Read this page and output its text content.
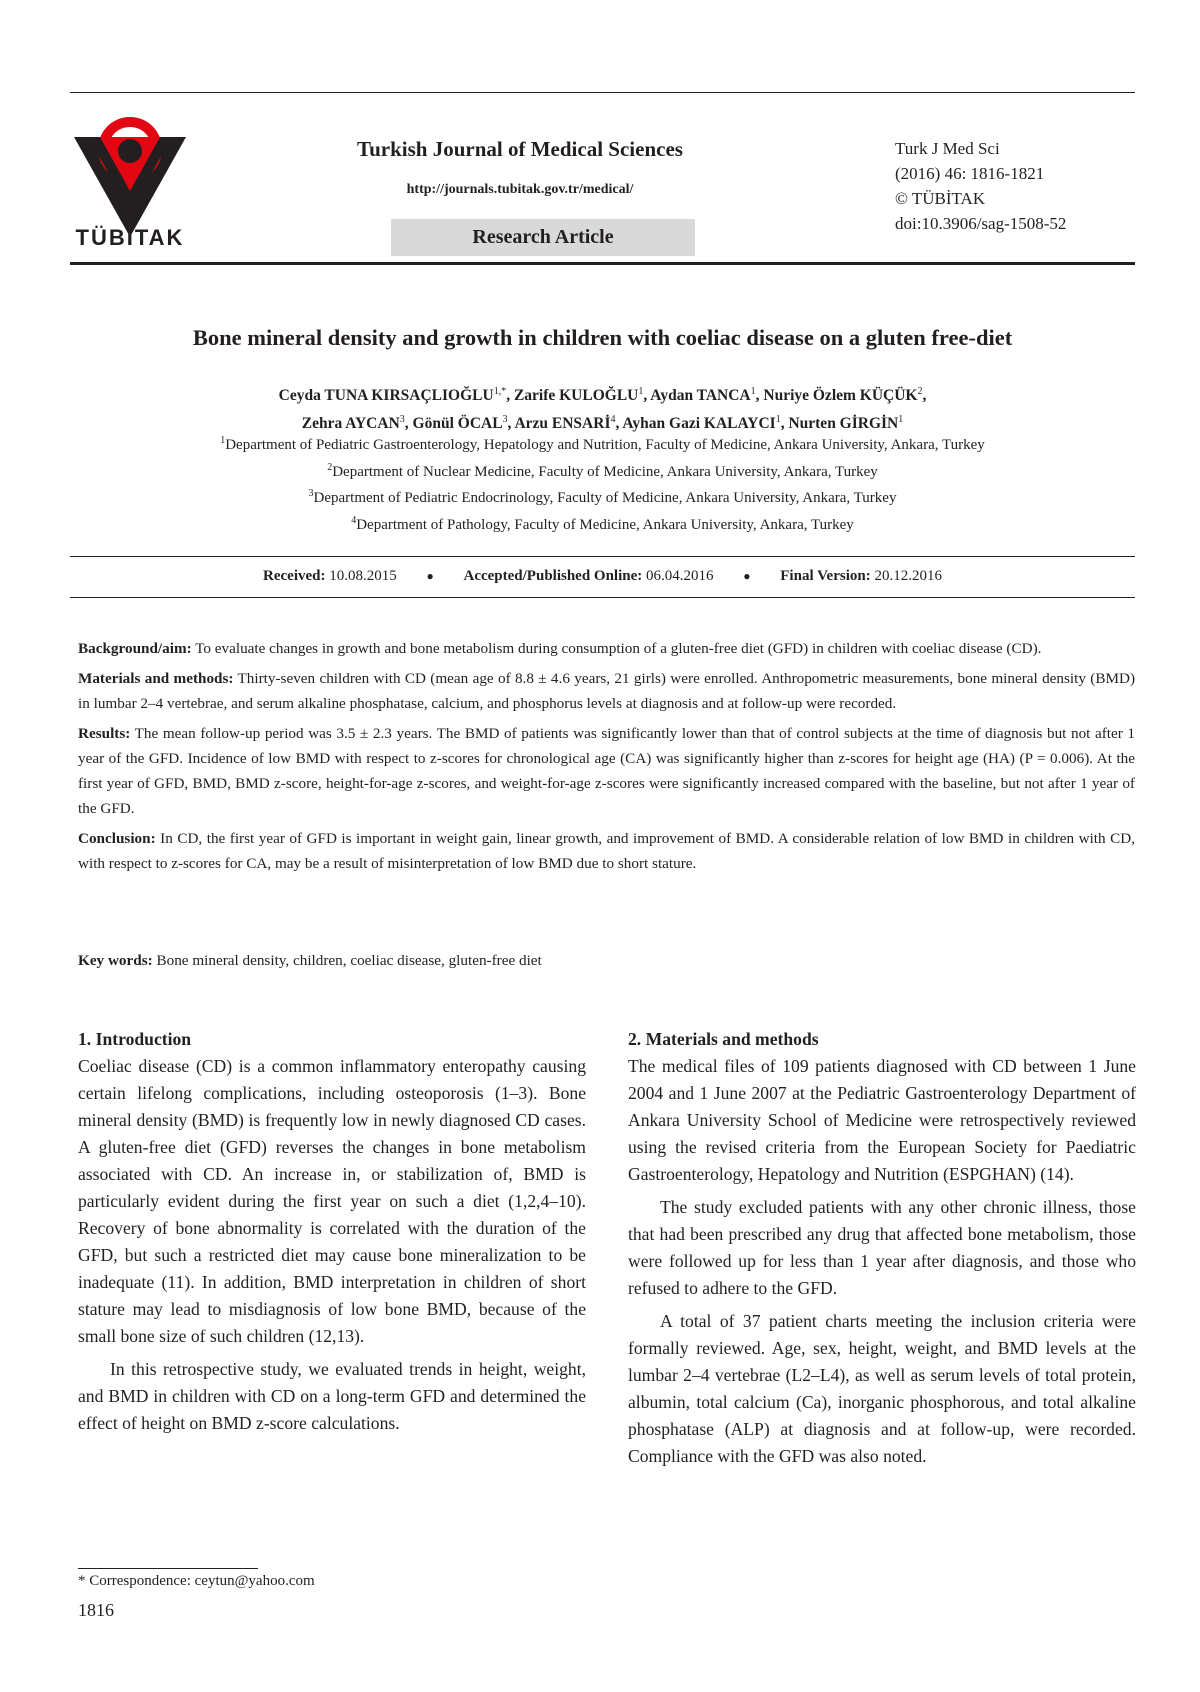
TÜBİTAK
Turkish Journal of Medical Sciences
http://journals.tubitak.gov.tr/medical/
Research Article
Turk J Med Sci
(2016) 46: 1816-1821
© TÜBİTAK
doi:10.3906/sag-1508-52
Bone mineral density and growth in children with coeliac disease on a gluten free-diet
Ceyda TUNA $KIRSAÇLIOĞLU^{1,*}$, Zarife KULOĞLU$^1$, Aydan TANCA$^1$, Nuriye Özlem KÜÇÜK$^2$,
Zehra AYCAN$^3$, Gönül ÖCAL$^3$, Arzu ENSARİ$^4$, Ayhan Gazi KALAYCI$^1$, Nurten GİRGİN$^1$
$^1$Department of Pediatric Gastroenterology, Hepatology and Nutrition, Faculty of Medicine, Ankara University, Ankara, Turkey
$^2$Department of Nuclear Medicine, Faculty of Medicine, Ankara University, Ankara, Turkey
$^3$Department of Pediatric Endocrinology, Faculty of Medicine, Ankara University, Ankara, Turkey
$^4$Department of Pathology, Faculty of Medicine, Ankara University, Ankara, Turkey
Received: 10.08.2015 ● Accepted/Published Online: 06.04.2016 ● Final Version: 20.12.2016

Background/aim: To evaluate changes in growth and bone metabolism during consumption of a gluten-free diet (GFD) in children with coeliac disease (CD).

Materials and methods: Thirty-seven children with CD (mean age of 8.8 ± 4.6 years, 21 girls) were enrolled. Anthropometric measurements, bone mineral density (BMD) in lumbar 2–4 vertebrae, and serum alkaline phosphatase, calcium, and phosphorus levels at diagnosis and at follow-up were recorded.

Results: The mean follow-up period was 3.5 ± 2.3 years. The BMD of patients was significantly lower than that of control subjects at the time of diagnosis but not after 1 year of the GFD. Incidence of low BMD with respect to z-scores for chronological age (CA) was significantly higher than z-scores for height age (HA) (P = 0.006). At the first year of GFD, BMD, BMD z-score, height-for-age z-scores, and weight-for-age z-scores were significantly increased compared with the baseline, but not after 1 year of the GFD.

Conclusion: In CD, the first year of GFD is important in weight gain, linear growth, and improvement of BMD. A considerable relation of low BMD in children with CD, with respect to z-scores for CA, may be a result of misinterpretation of low BMD due to short stature.

Key words: Bone mineral density, children, coeliac disease, gluten-free diet
1. Introduction

Coeliac disease (CD) is a common inflammatory enteropathy causing certain lifelong complications, including osteoporosis (1–3). Bone mineral density (BMD) is frequently low in newly diagnosed CD cases. A gluten-free diet (GFD) reverses the changes in bone metabolism associated with CD. An increase in, or stabilization of, BMD is particularly evident during the first year on such a diet (1,2,4–10). Recovery of bone abnormality is correlated with the duration of the GFD, but such a restricted diet may cause bone mineralization to be inadequate (11). In addition, BMD interpretation in children of short stature may lead to misdiagnosis of low bone BMD, because of the small bone size of such children (12,13).

In this retrospective study, we evaluated trends in height, weight, and BMD in children with CD on a long-term GFD and determined the effect of height on BMD z-score calculations.

2. Materials and methods

The medical files of 109 patients diagnosed with CD between 1 June 2004 and 1 June 2007 at the Pediatric Gastroenterology Department of Ankara University School of Medicine were retrospectively reviewed using the revised criteria from the European Society for Paediatric Gastroenterology, Hepatology and Nutrition (ESPGHAN) (14).

The study excluded patients with any other chronic illness, those that had been prescribed any drug that affected bone metabolism, those were followed up for less than 1 year after diagnosis, and those who refused to adhere to the GFD.

A total of 37 patient charts meeting the inclusion criteria were formally reviewed. Age, sex, height, weight, and BMD levels at the lumbar 2–4 vertebrae (L2–L4), as well as serum levels of total protein, albumin, total calcium (Ca), inorganic phosphorous, and total alkaline phosphatase (ALP) at diagnosis and at follow-up, were recorded. Compliance with the GFD was also noted.

* Correspondence: ceytun@yahoo.com
1816
